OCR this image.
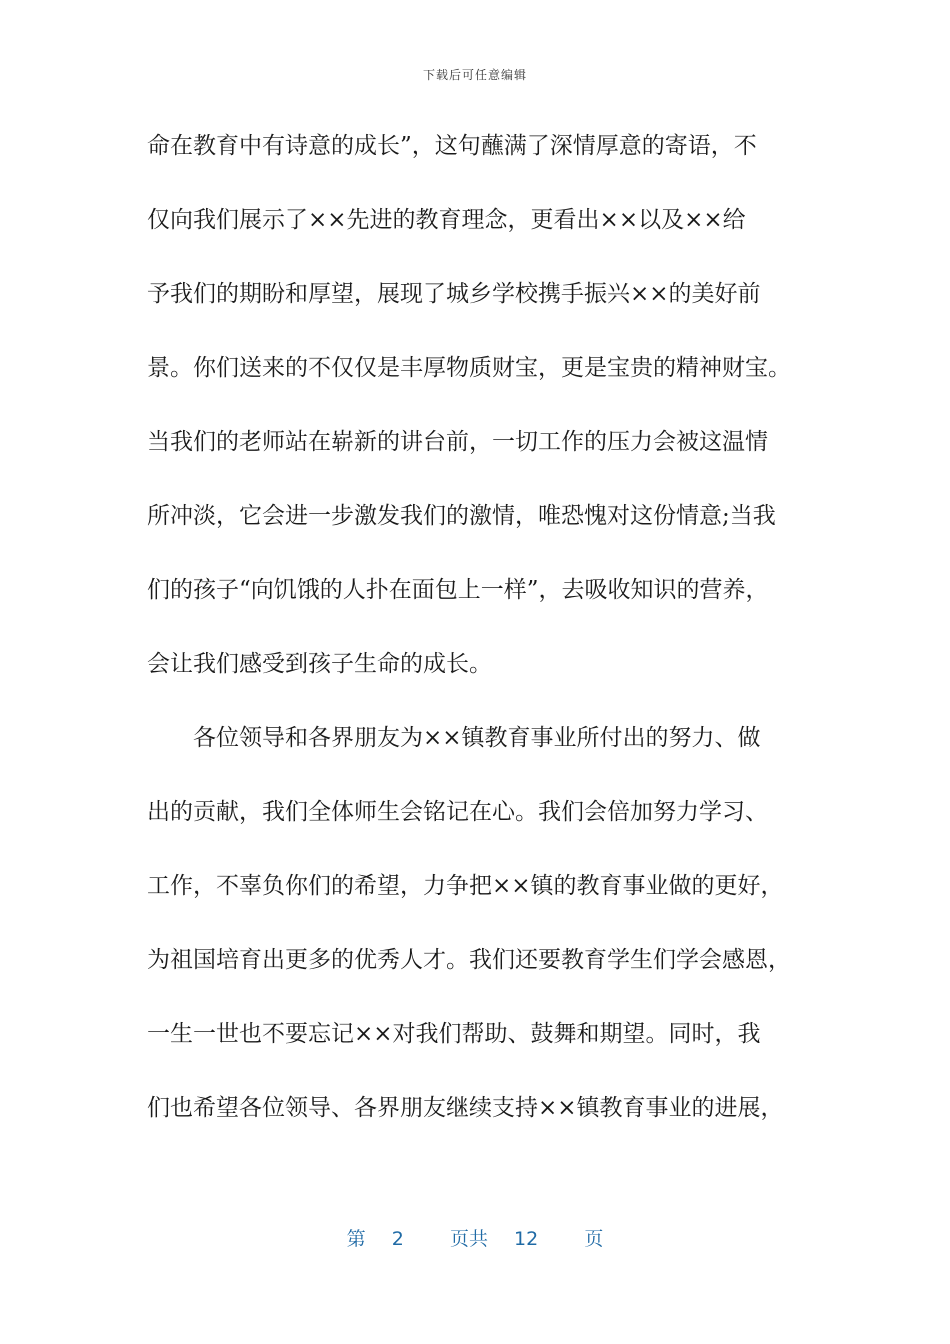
下载后可任意编辑
命在教育中有诗意的成长”，这句蘸满了深情厚意的寄语，不
仅向我们展示了××先进的教育理念，更看出××以及××给
予我们的期盼和厚望，展现了城乡学校携手振兴××的美好前
景。你们送来的不仅仅是丰厚物质财宝，更是宝贵的精神财宝。
当我们的老师站在崭新的讲台前，一切工作的压力会被这温情
所冲淡，它会进一步激发我们的激情，唯恐愧对这份情意;当我
们的孩子“向饥饿的人扑在面包上一样”，去吸收知识的营养，
会让我们感受到孩子生命的成长。
　　各位领导和各界朋友为××镇教育事业所付出的努力、做
出的贡献，我们全体师生会铭记在心。我们会倍加努力学习、
工作，不辜负你们的希望，力争把××镇的教育事业做的更好，
为祖国培育出更多的优秀人才。我们还要教育学生们学会感恩，
一生一世也不要忘记××对我们帮助、鼓舞和期望。同时，我
们也希望各位领导、各界朋友继续支持××镇教育事业的进展，
第 2 页共 12 页
